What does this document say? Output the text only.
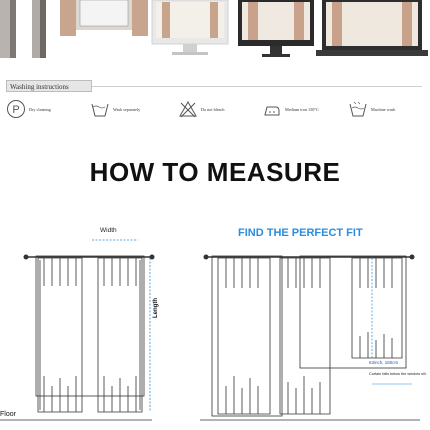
Washing instructions
P Dry cleaning	Wash separately	Do not bleach	Medium iron 150°C	Machine wash
HOW TO MEASURE
Width	FIND THE PERFECT FIT
Length
Floor
63inch, 160cm
Curtain falls below the window sill.
